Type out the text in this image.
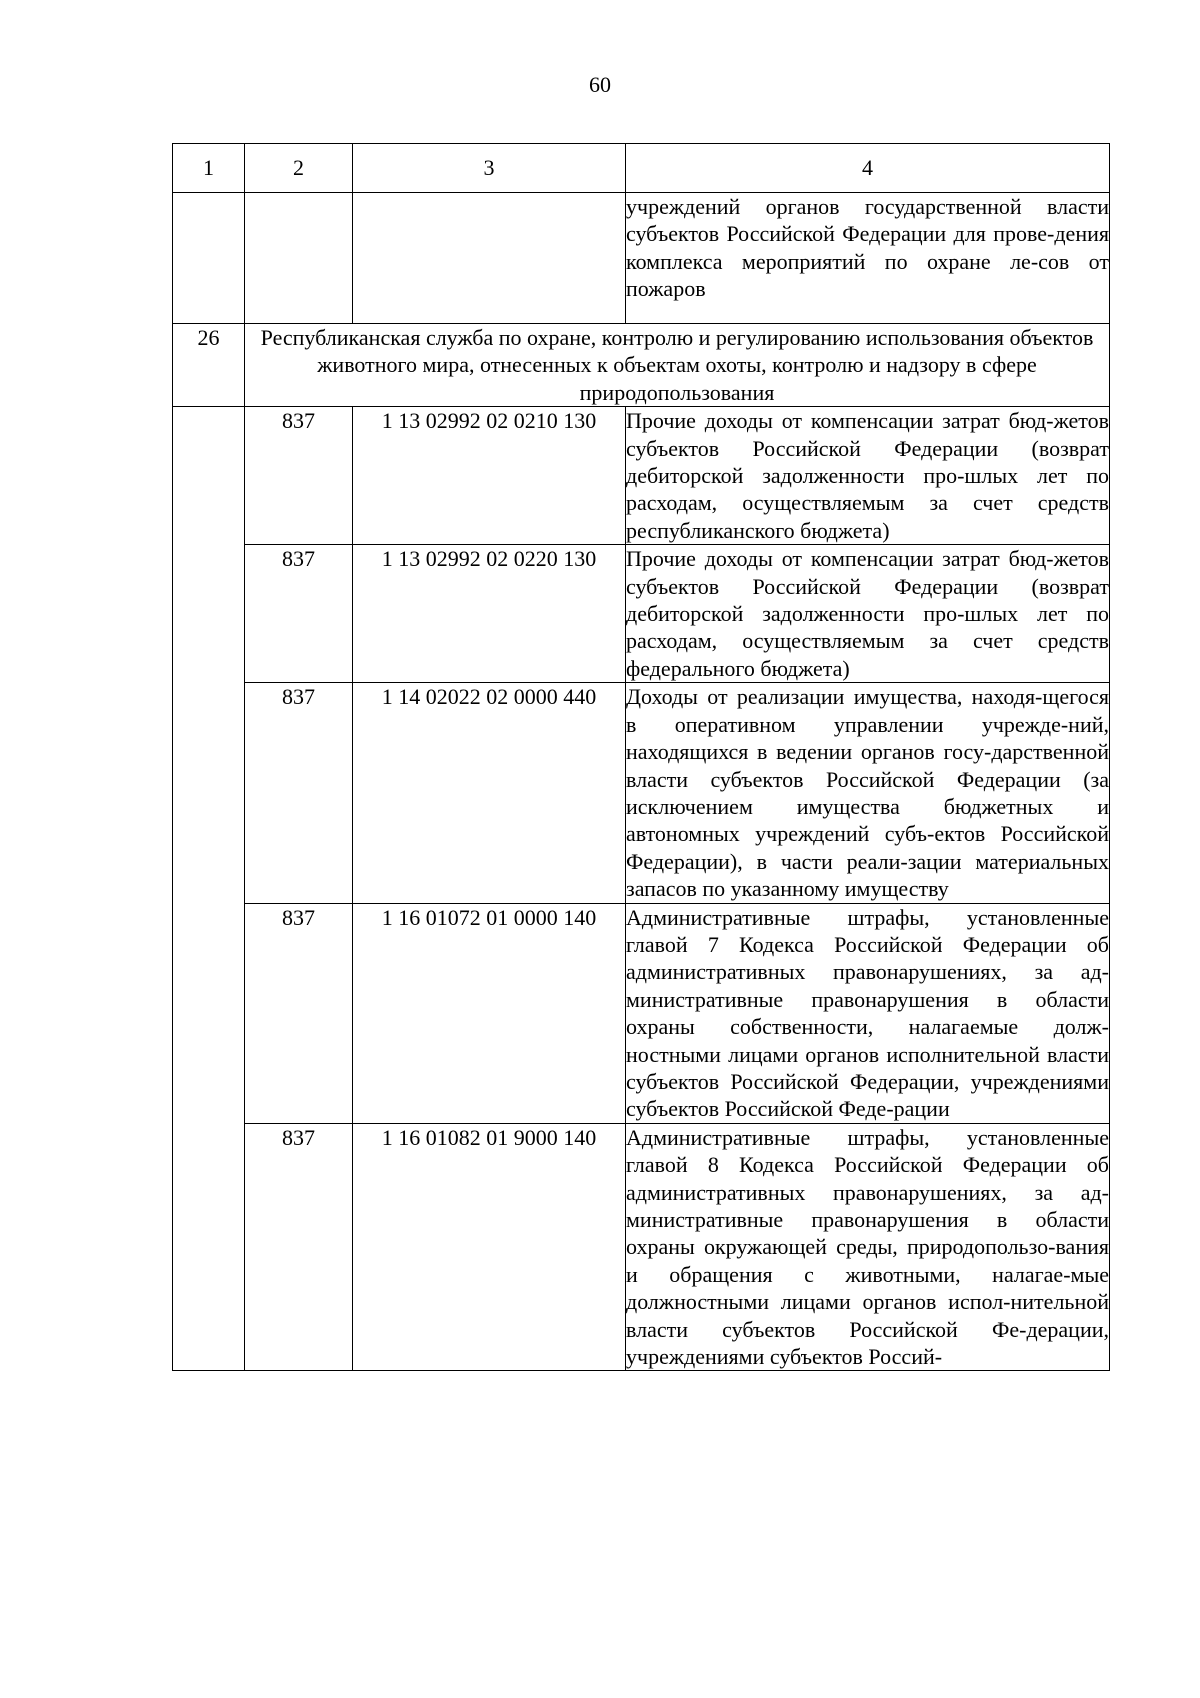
60
1	2	3	4
			учреждений органов государственной власти субъектов Российской Федерации для прове-дения комплекса мероприятий по охране ле-сов от пожаров
26	Республиканская служба по охране, контролю и регулированию использования объектов животного мира, отнесенных к объектам охоты, контролю и надзору в сфере природопользования		
	837	1 13 02992 02 0210 130	Прочие доходы от компенсации затрат бюд-жетов субъектов Российской Федерации (возврат дебиторской задолженности про-шлых лет по расходам, осуществляемым за счет средств республиканского бюджета)
	837	1 13 02992 02 0220 130	Прочие доходы от компенсации затрат бюд-жетов субъектов Российской Федерации (возврат дебиторской задолженности про-шлых лет по расходам, осуществляемым за счет средств федерального бюджета)
	837	1 14 02022 02 0000 440	Доходы от реализации имущества, находя-щегося в оперативном управлении учрежде-ний, находящихся в ведении органов госу-дарственной власти субъектов Российской Федерации (за исключением имущества бюджетных и автономных учреждений субъ-ектов Российской Федерации), в части реали-зации материальных запасов по указанному имуществу
	837	1 16 01072 01 0000 140	Административные штрафы, установленные главой 7 Кодекса Российской Федерации об административных правонарушениях, за ад-министративные правонарушения в области охраны собственности, налагаемые долж-ностными лицами органов исполнительной власти субъектов Российской Федерации, учреждениями субъектов Российской Феде-рации
	837	1 16 01082 01 9000 140	Административные штрафы, установленные главой 8 Кодекса Российской Федерации об административных правонарушениях, за ад-министративные правонарушения в области охраны окружающей среды, природопользо-вания и обращения с животными, налагае-мые должностными лицами органов испол-нительной власти субъектов Российской Фе-дерации, учреждениями субъектов Россий-
